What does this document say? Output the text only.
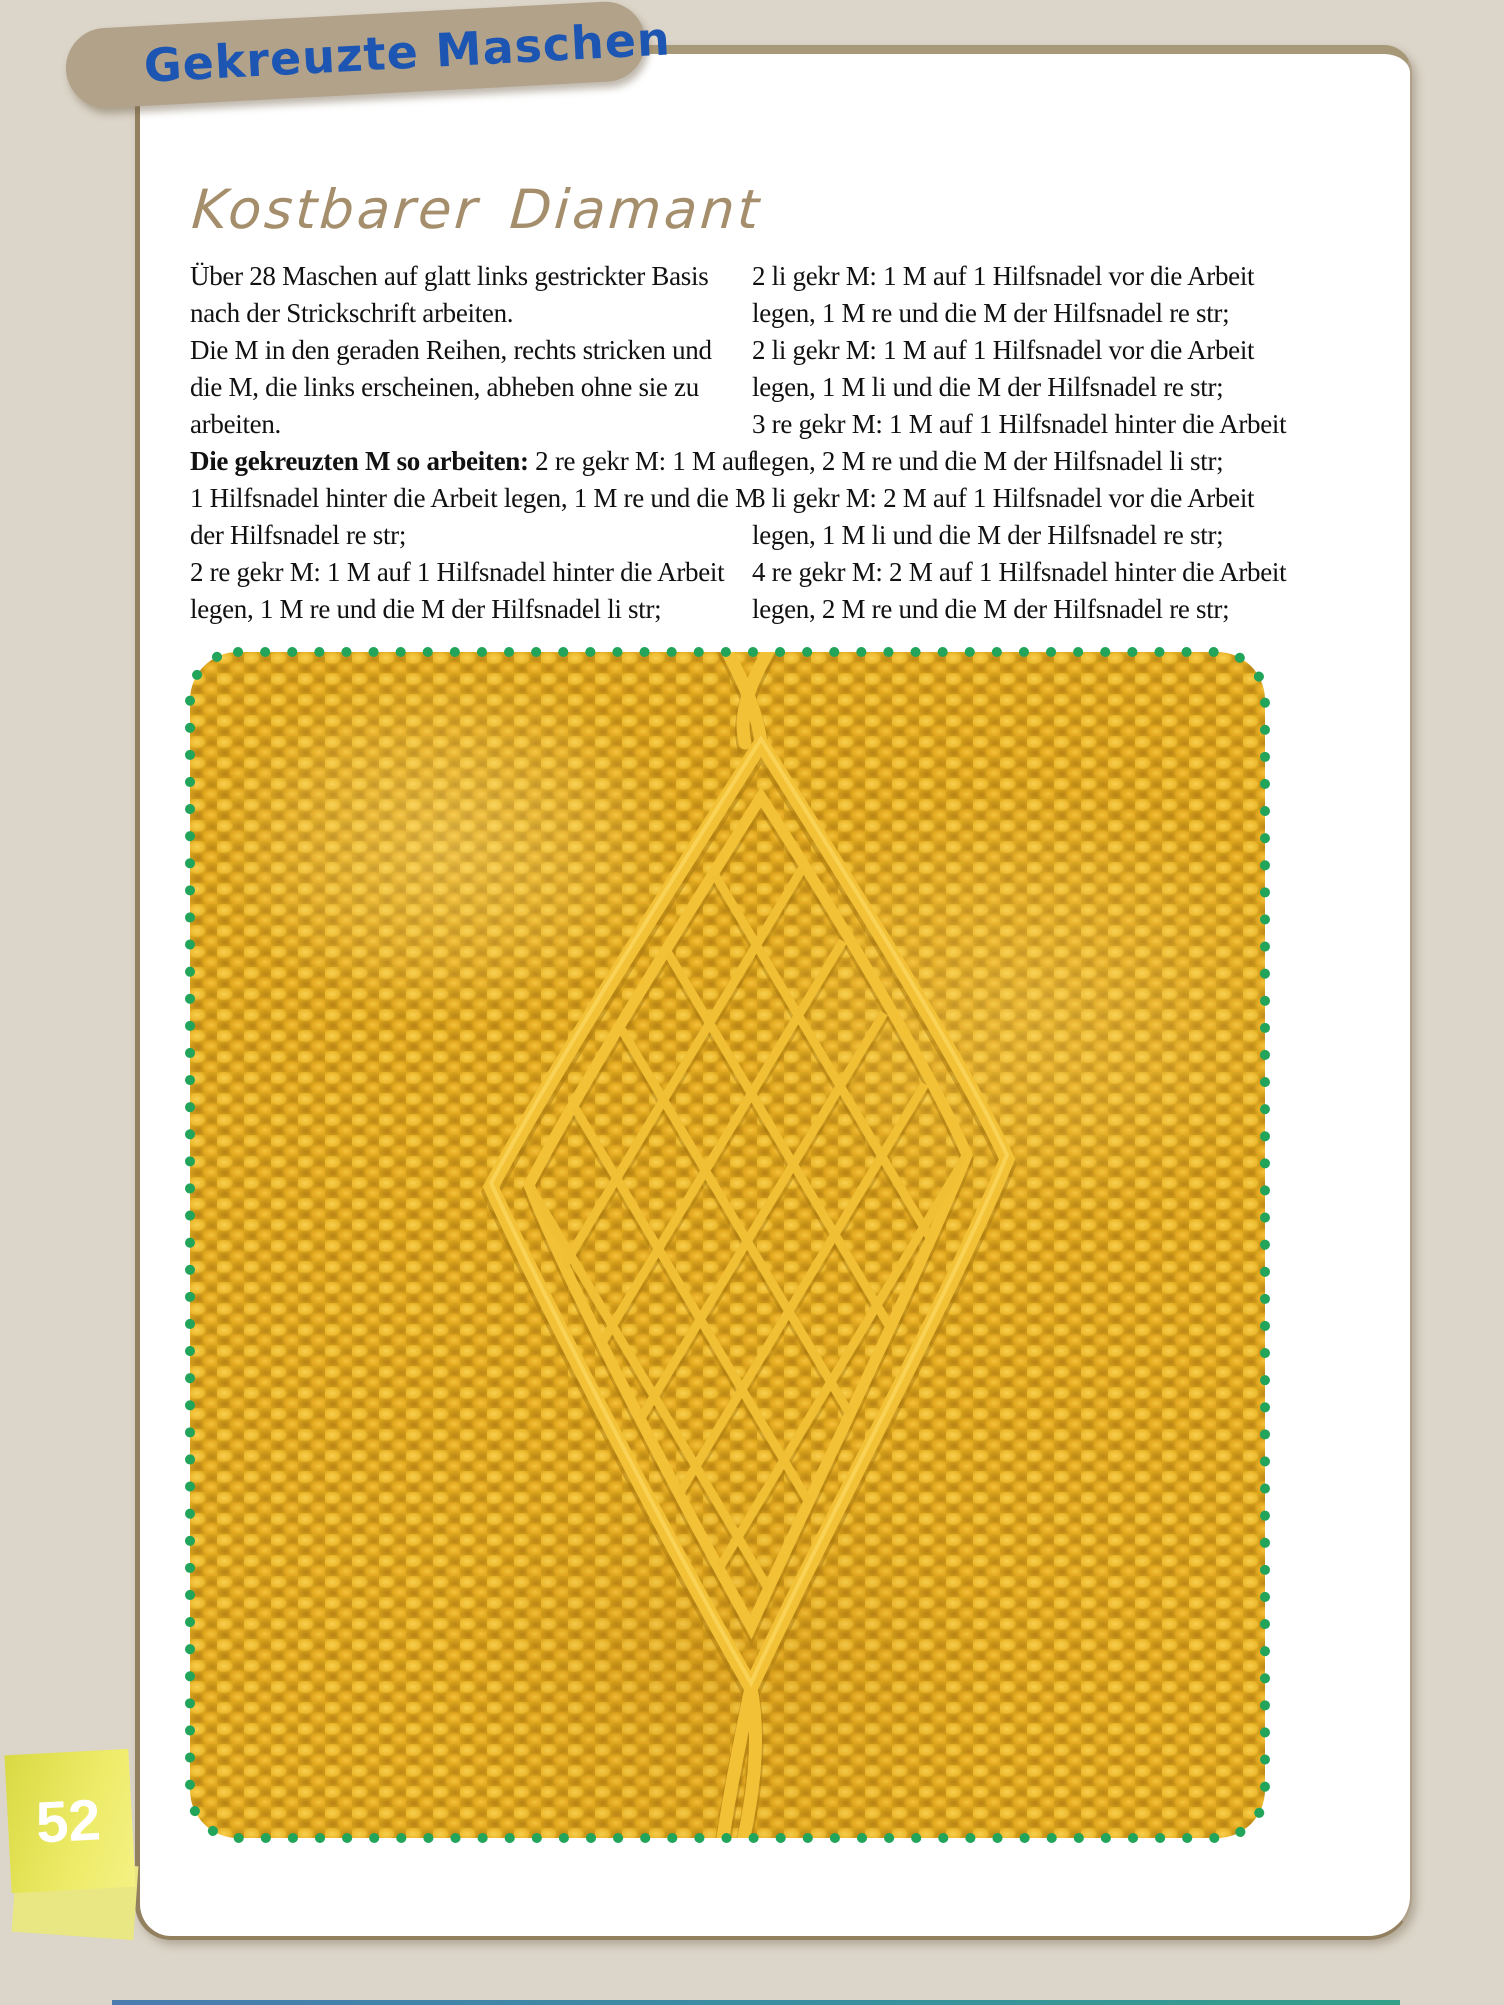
Gekreuzte Maschen
Kostbarer Diamant
Über 28 Maschen auf glatt links gestrickter Basis
nach der Strickschrift arbeiten.
Die M in den geraden Reihen, rechts stricken und
die M, die links erscheinen, abheben ohne sie zu
arbeiten.
Die gekreuzten M so arbeiten: 2 re gekr M: 1 M auf
1 Hilfsnadel hinter die Arbeit legen, 1 M re und die M
der Hilfsnadel re str;
2 re gekr M: 1 M auf 1 Hilfsnadel hinter die Arbeit
legen, 1 M re und die M der Hilfsnadel li str;
2 li gekr M: 1 M auf 1 Hilfsnadel vor die Arbeit
legen, 1 M re und die M der Hilfsnadel re str;
2 li gekr M: 1 M auf 1 Hilfsnadel vor die Arbeit
legen, 1 M li und die M der Hilfsnadel re str;
3 re gekr M: 1 M auf 1 Hilfsnadel hinter die Arbeit
legen, 2 M re und die M der Hilfsnadel li str;
3 li gekr M: 2 M auf 1 Hilfsnadel vor die Arbeit
legen, 1 M li und die M der Hilfsnadel re str;
4 re gekr M: 2 M auf 1 Hilfsnadel hinter die Arbeit
legen, 2 M re und die M der Hilfsnadel re str;
52
